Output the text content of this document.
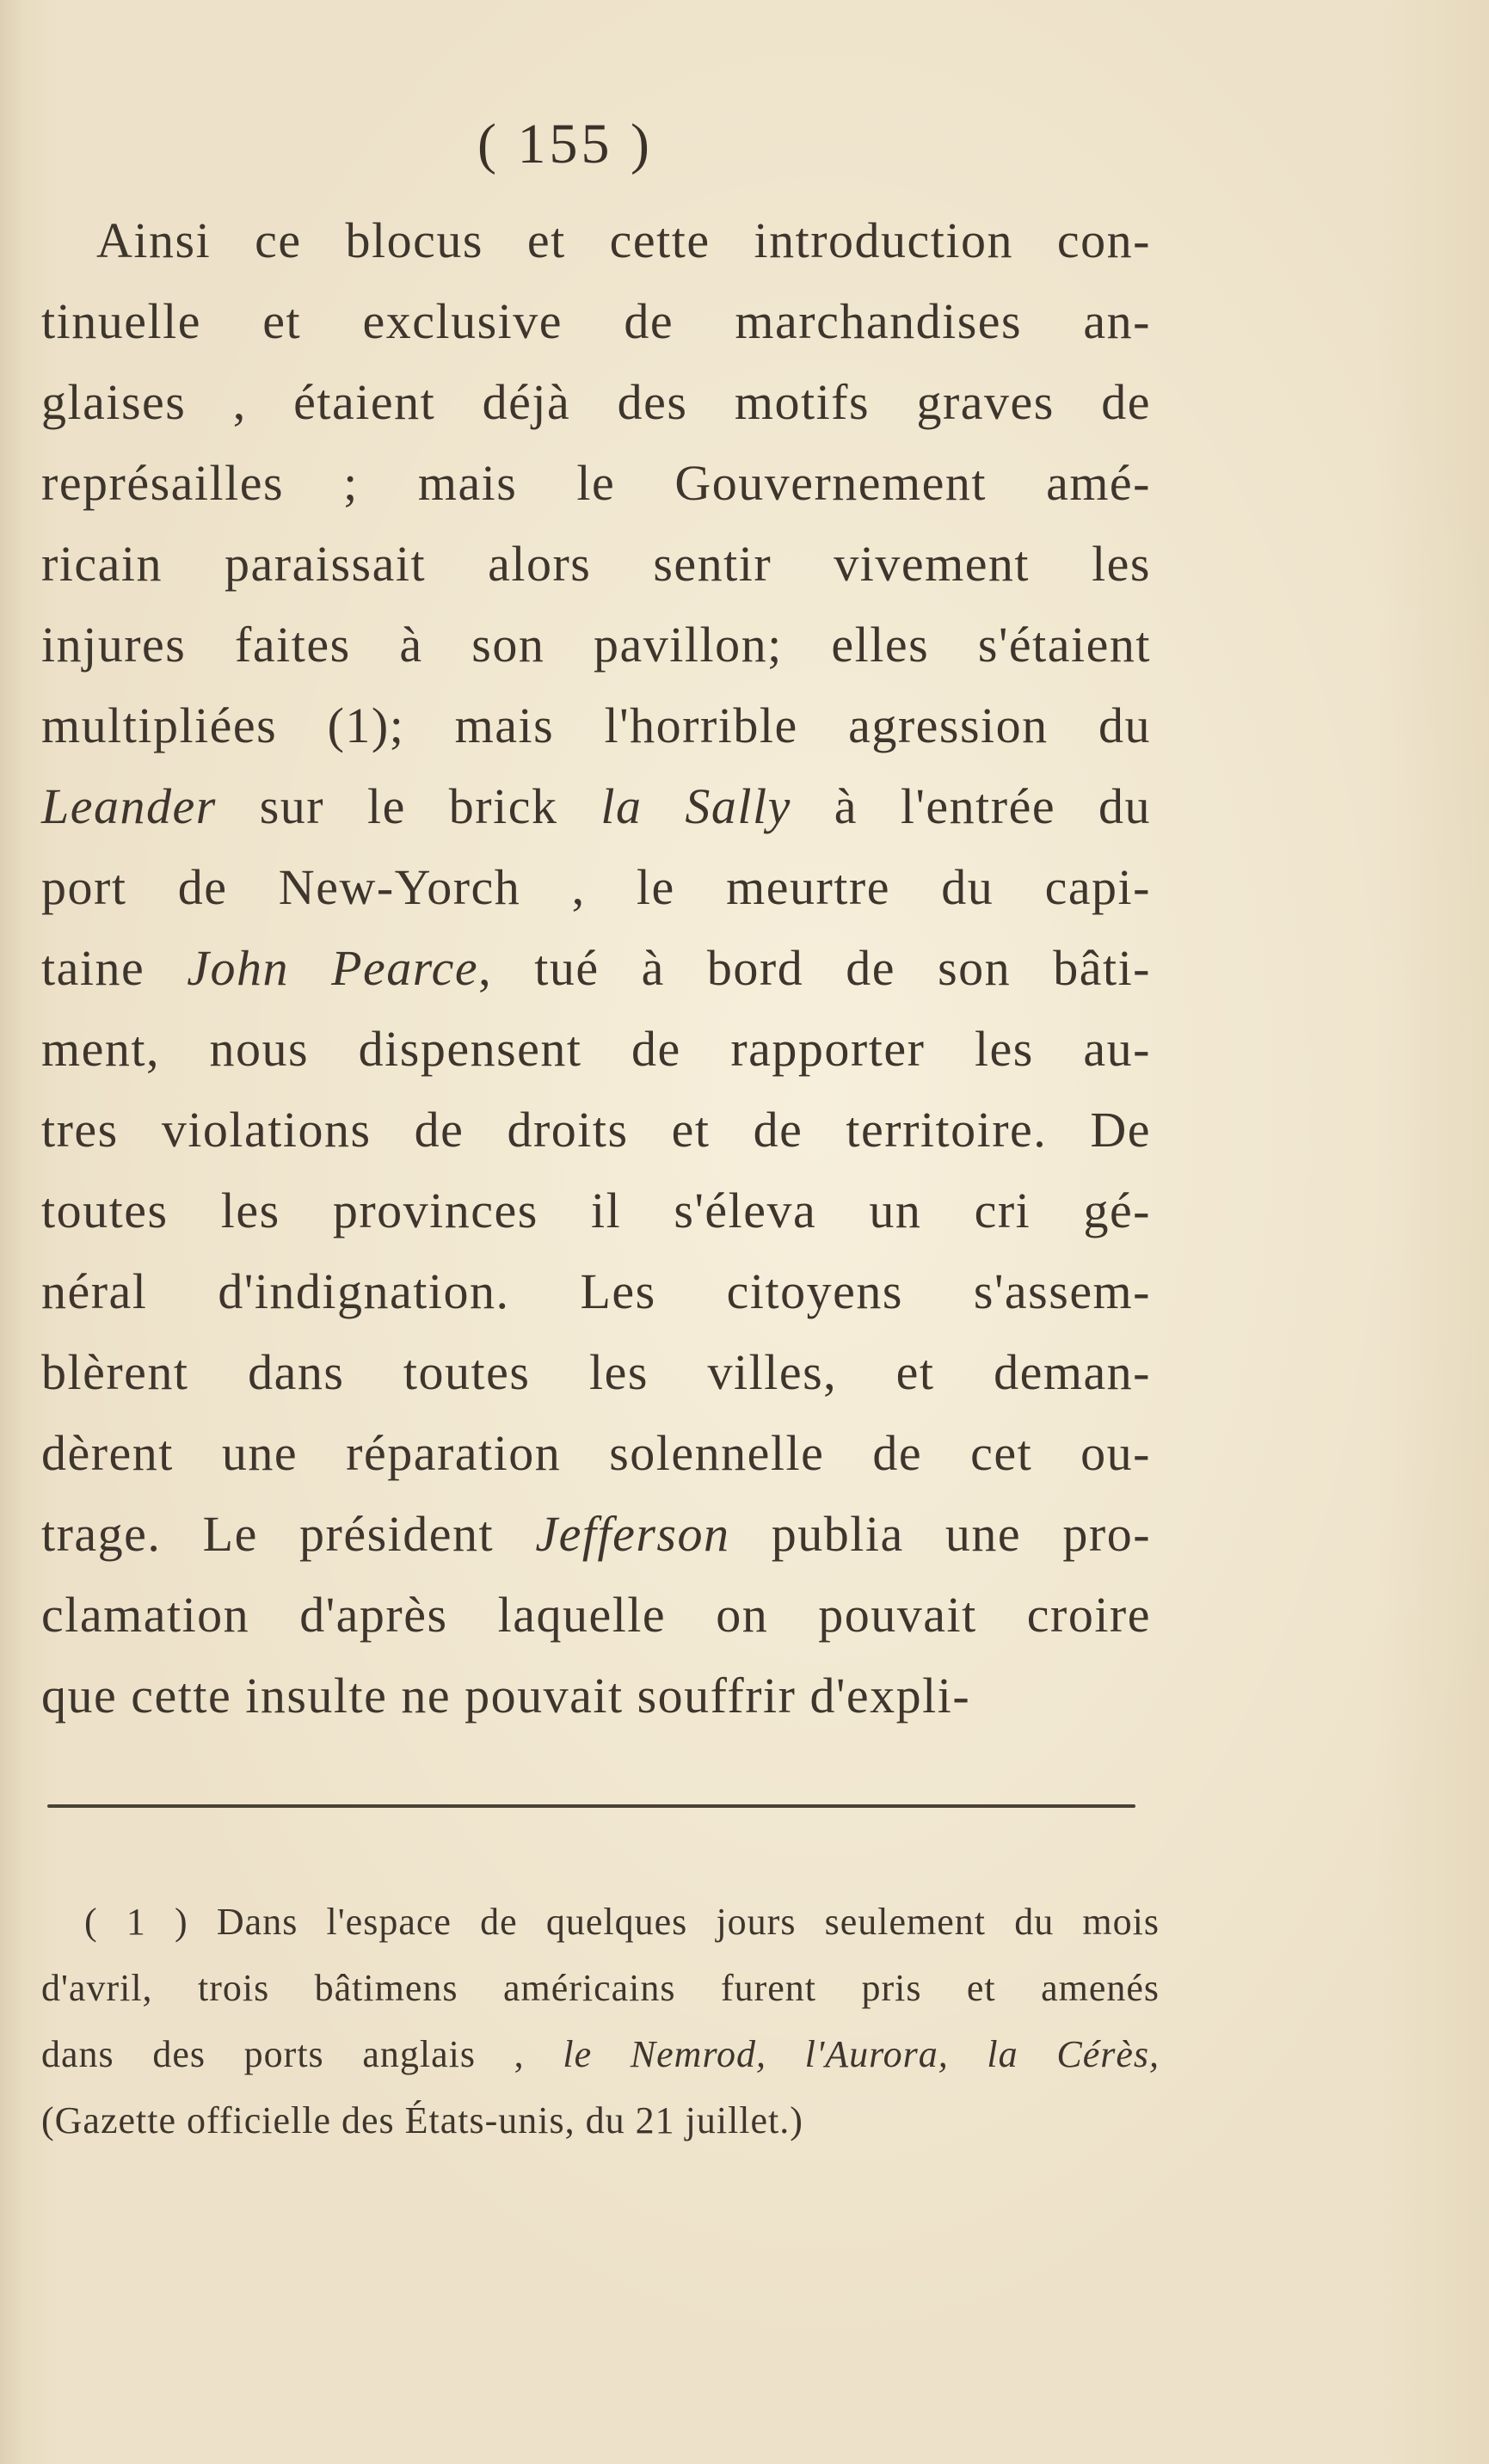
( 155 )
Ainsi ce blocus et cette introduction con-
tinuelle et exclusive de marchandises an-
glaises , étaient déjà des motifs graves de
représailles ; mais le Gouvernement amé-
ricain paraissait alors sentir vivement les
injures faites à son pavillon; elles s'étaient
multipliées (1); mais l'horrible agression du
Leander sur le brick la Sally à l'entrée du
port de New-Yorch , le meurtre du capi-
taine John Pearce, tué à bord de son bâti-
ment, nous dispensent de rapporter les au-
tres violations de droits et de territoire. De
toutes les provinces il s'éleva un cri gé-
néral d'indignation. Les citoyens s'assem-
blèrent dans toutes les villes, et deman-
dèrent une réparation solennelle de cet ou-
trage. Le président Jefferson publia une pro-
clamation d'après laquelle on pouvait croire
que cette insulte ne pouvait souffrir d'expli-
( 1 ) Dans l'espace de quelques jours seulement du mois
d'avril, trois bâtimens américains furent pris et amenés
dans des ports anglais , le Nemrod, l'Aurora, la Cérès,
(Gazette officielle des États-unis, du 21 juillet.)
